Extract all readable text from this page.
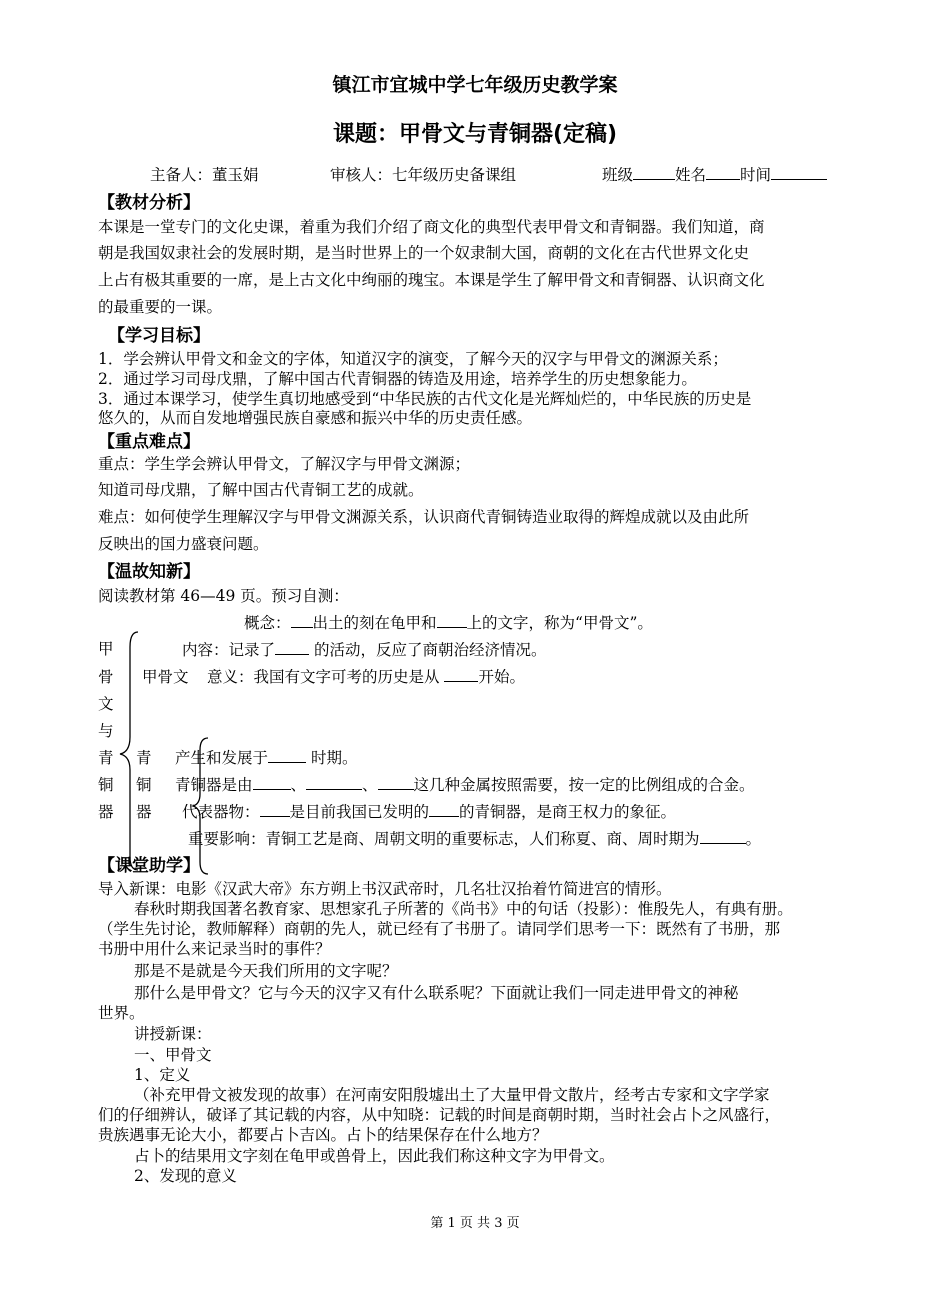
镇江市宜城中学七年级历史教学案
课题：甲骨文与青铜器(定稿)
主备人：董玉娟	审核人：七年级历史备课组	班级	姓名 时间
【教材分析】
本课是一堂专门的文化史课，着重为我们介绍了商文化的典型代表甲骨文和青铜器。我们知道，商
朝是我国奴隶社会的发展时期，是当时世界上的一个奴隶制大国，商朝的文化在古代世界文化史
上占有极其重要的一席，是上古文化中绚丽的瑰宝。本课是学生了解甲骨文和青铜器、认识商文化
的最重要的一课。
【学习目标】
1．学会辨认甲骨文和金文的字体，知道汉字的演变，了解今天的汉字与甲骨文的渊源关系；
2．通过学习司母戊鼎，了解中国古代青铜器的铸造及用途，培养学生的历史想象能力。
3．通过本课学习，使学生真切地感受到“中华民族的古代文化是光辉灿烂的，中华民族的历史是
悠久的，从而自发地增强民族自豪感和振兴中华的历史责任感。
【重点难点】
重点：学生学会辨认甲骨文，了解汉字与甲骨文渊源；
知道司母戊鼎，了解中国古代青铜工艺的成就。
难点：如何使学生理解汉字与甲骨文渊源关系，认识商代青铜铸造业取得的辉煌成就以及由此所
反映出的国力盛衰问题。
【温故知新】
阅读教材第 46—49 页。预习自测：
甲
骨
文
与
青
铜
器
甲骨文
青
铜
器
概念： 出土的刻在龟甲和 上的文字，称为“甲骨文”。
内容：记录了 的活动，反应了商朝治经济情况。
意义：我国有文字可考的历史是从 开始。
产生和发展于 时期。
青铜器是由 、	、 这几种金属按照需要，按一定的比例组成的合金。
代表器物： 是目前我国已发明的 的青铜器，是商王权力的象征。
重要影响：青铜工艺是商、周朝文明的重要标志，人们称夏、商、周时期为	。
【课堂助学】
导入新课：电影《汉武大帝》东方朔上书汉武帝时，几名壮汉抬着竹简进宫的情形。
春秋时期我国著名教育家、思想家孔子所著的《尚书》中的句话（投影）：惟殷先人，有典有册。
（学生先讨论，教师解释）商朝的先人，就已经有了书册了。请同学们思考一下：既然有了书册，那
书册中用什么来记录当时的事件？
那是不是就是今天我们所用的文字呢？
那什么是甲骨文？它与今天的汉字又有什么联系呢？下面就让我们一同走进甲骨文的神秘
世界。
讲授新课：
一、甲骨文
1、定义
（补充甲骨文被发现的故事）在河南安阳殷墟出土了大量甲骨文散片，经考古专家和文字学家
们的仔细辨认，破译了其记载的内容，从中知晓：记载的时间是商朝时期，当时社会占卜之风盛行，
贵族遇事无论大小，都要占卜吉凶。占卜的结果保存在什么地方？
占卜的结果用文字刻在龟甲或兽骨上，因此我们称这种文字为甲骨文。
2、发现的意义
第 1 页 共 3 页
